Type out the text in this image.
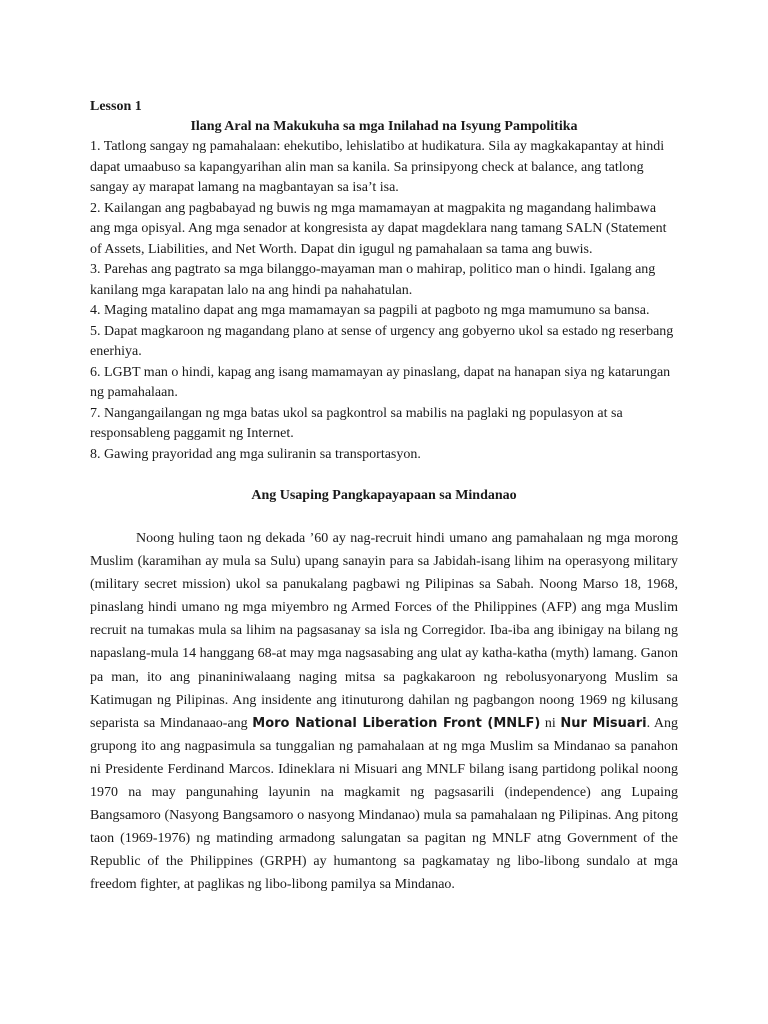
Lesson 1

Ilang Aral na Makukuha sa mga Inilahad na Isyung Pampolitika

1. Tatlong sangay ng pamahalaan: ehekutibo, lehislatibo at hudikatura. Sila ay magkakapantay at hindi dapat umaabuso sa kapangyarihan alin man sa kanila. Sa prinsipyong check at balance, ang tatlong sangay ay marapat lamang na magbantayan sa isa’t isa.
2. Kailangan ang pagbabayad ng buwis ng mga mamamayan at magpakita ng magandang halimbawa ang mga opisyal. Ang mga senador at kongresista ay dapat magdeklara nang tamang SALN (Statement of Assets, Liabilities, and Net Worth. Dapat din igugul ng pamahalaan sa tama ang buwis.
3. Parehas ang pagtrato sa mga bilanggo-mayaman man o mahirap, politico man o hindi. Igalang ang kanilang mga karapatan lalo na ang hindi pa nahahatulan.
4. Maging matalino dapat ang mga mamamayan sa pagpili at pagboto ng mga mamumuno sa bansa.
5. Dapat magkaroon ng magandang plano at sense of urgency ang gobyerno ukol sa estado ng reserbang enerhiya.
6. LGBT man o hindi, kapag ang isang mamamayan ay pinaslang, dapat na hanapan siya ng katarungan ng pamahalaan.
7. Nangangailangan ng mga batas ukol sa pagkontrol sa mabilis na paglaki ng populasyon at sa responsableng paggamit ng Internet.
8. Gawing prayoridad ang mga suliranin sa transportasyon.

Ang Usaping Pangkapayapaan sa Mindanao

Noong huling taon ng dekada ’60 ay nag-recruit hindi umano ang pamahalaan ng mga morong Muslim (karamihan ay mula sa Sulu) upang sanayin para sa Jabidah-isang lihim na operasyong military (military secret mission) ukol sa panukalang pagbawi ng Pilipinas sa Sabah. Noong Marso 18, 1968, pinaslang hindi umano ng mga miyembro ng Armed Forces of the Philippines (AFP) ang mga Muslim recruit na tumakas mula sa lihim na pagsasanay sa isla ng Corregidor. Iba-iba ang ibinigay na bilang ng napaslang-mula 14 hanggang 68-at may mga nagsasabing ang ulat ay katha-katha (myth) lamang. Ganon pa man, ito ang pinaniniwalaang naging mitsa sa pagkakaroon ng rebolusyonaryong Muslim sa Katimugan ng Pilipinas. Ang insidente ang itinuturong dahilan ng pagbangon noong 1969 ng kilusang separista sa Mindanaao-ang Moro National Liberation Front (MNLF) ni Nur Misuari. Ang grupong ito ang nagpasimula sa tunggalian ng pamahalaan at ng mga Muslim sa Mindanao sa panahon ni Presidente Ferdinand Marcos. Idineklara ni Misuari ang MNLF bilang isang partidong polikal noong 1970 na may pangunahing layunin na magkamit ng pagsasarili (independence) ang Lupaing Bangsamoro (Nasyong Bangsamoro o nasyong Mindanao) mula sa pamahalaan ng Pilipinas. Ang pitong taon (1969-1976) ng matinding armadong salungatan sa pagitan ng MNLF atng Government of the Republic of the Philippines (GRPH) ay humantong sa pagkamatay ng libo-libong sundalo at mga freedom fighter, at paglikas ng libo-libong pamilya sa Mindanao.
